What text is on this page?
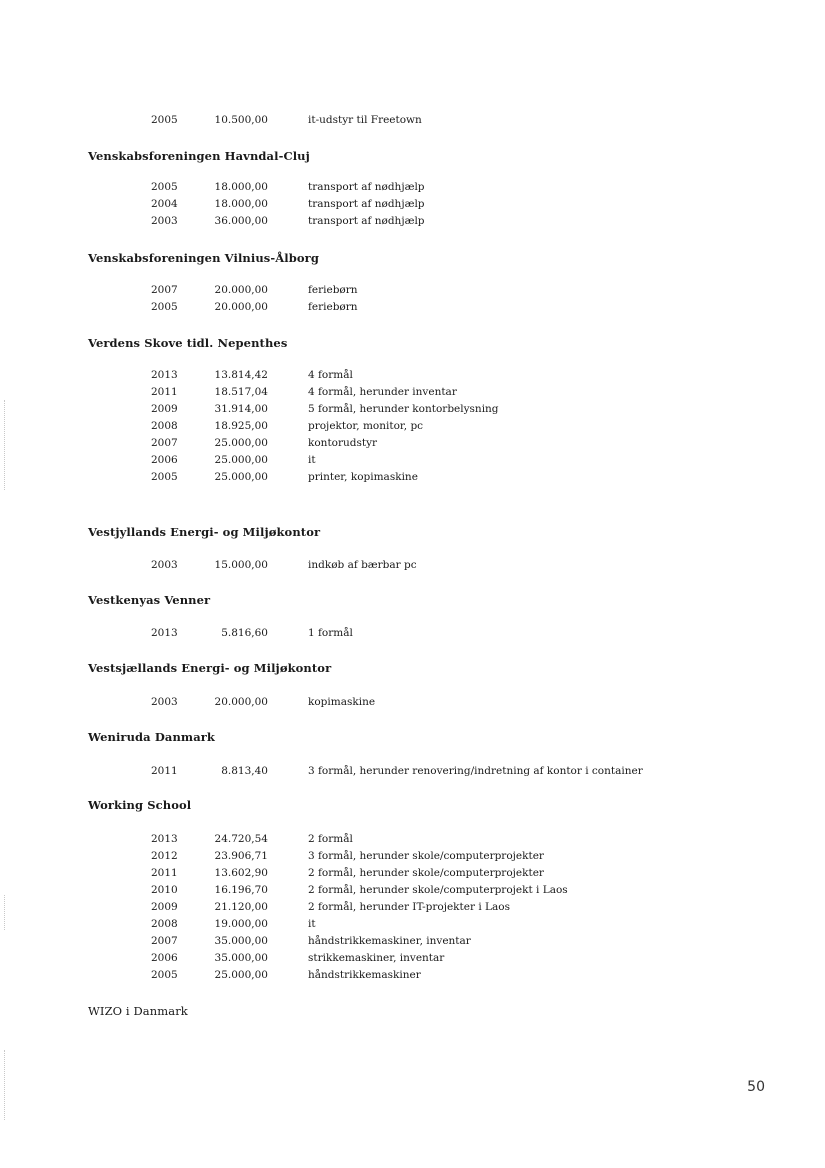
2005	10.500,00	it-udstyr til Freetown
Venskabsforeningen Havndal-Cluj
2005	18.000,00	transport af nødhjælp
2004	18.000,00	transport af nødhjælp
2003	36.000,00	transport af nødhjælp
Venskabsforeningen Vilnius-Ålborg
2007	20.000,00	feriebørn
2005	20.000,00	feriebørn
Verdens Skove tidl. Nepenthes
2013	13.814,42	4 formål
2011	18.517,04	4 formål, herunder inventar
2009	31.914,00	5 formål, herunder kontorbelysning
2008	18.925,00	projektor, monitor, pc
2007	25.000,00	kontorudstyr
2006	25.000,00	it
2005	25.000,00	printer, kopimaskine
Vestjyllands Energi- og Miljøkontor
2003	15.000,00	indkøb af bærbar pc
Vestkenyas Venner
2013	5.816,60	1 formål
Vestsjællands Energi- og Miljøkontor
2003	20.000,00	kopimaskine
Weniruda Danmark
2011	8.813,40	3 formål, herunder renovering/indretning af kontor i container
Working School
2013	24.720,54	2 formål
2012	23.906,71	3 formål, herunder skole/computerprojekter
2011	13.602,90	2 formål, herunder skole/computerprojekter
2010	16.196,70	2 formål, herunder skole/computerprojekt i Laos
2009	21.120,00	2 formål, herunder IT-projekter i Laos
2008	19.000,00	it
2007	35.000,00	håndstrikkemaskiner, inventar
2006	35.000,00	strikkemaskiner, inventar
2005	25.000,00	håndstrikkemaskiner
WIZO i Danmark
50
